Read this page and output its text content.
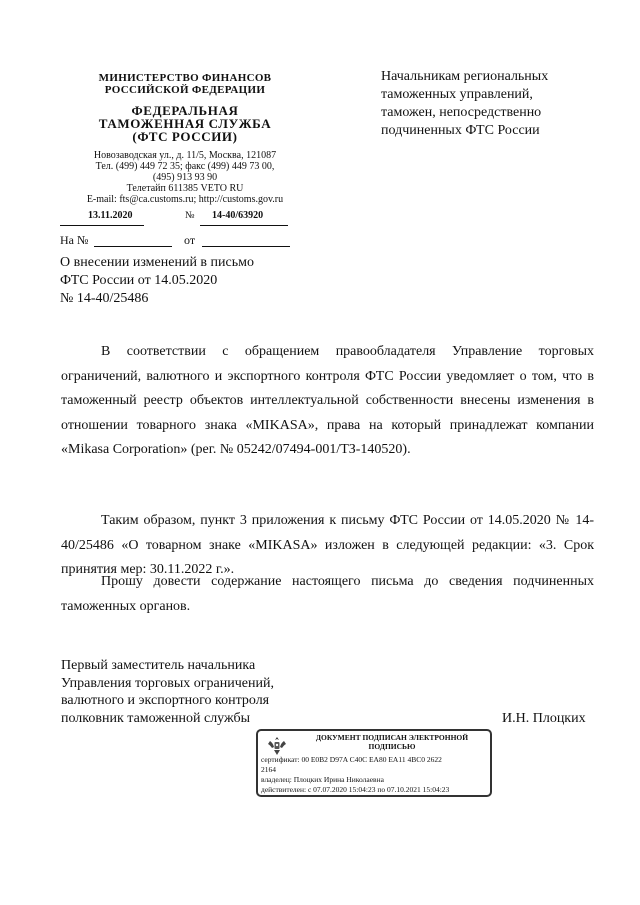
МИНИСТЕРСТВО ФИНАНСОВ
РОССИЙСКОЙ ФЕДЕРАЦИИ
ФЕДЕРАЛЬНАЯ
ТАМОЖЕННАЯ СЛУЖБА
(ФТС РОССИИ)
Новозаводская ул., д. 11/5, Москва, 121087
Тел. (499) 449 72 35; факс (499) 449 73 00,
(495) 913 93 90
Телетайп 611385 VETO RU
E-mail: fts@ca.customs.ru; http://customs.gov.ru
13.11.2020	№ 14-40/63920
На №	от
Начальникам региональных
таможенных управлений,
таможен, непосредственно
подчиненных ФТС России
О внесении изменений в письмо
ФТС России от 14.05.2020
№ 14-40/25486
В соответствии с обращением правообладателя Управление торговых ограничений, валютного и экспортного контроля ФТС России уведомляет о том, что в таможенный реестр объектов интеллектуальной собственности внесены изменения в отношении товарного знака «MIKASA», права на который принадлежат компании «Mikasa Corporation» (рег. № 05242/07494-001/ТЗ-140520).
Таким образом, пункт 3 приложения к письму ФТС России от 14.05.2020 № 14-40/25486 «О товарном знаке «MIKASA» изложен в следующей редакции: «3. Срок принятия мер: 30.11.2022 г.».
Прошу довести содержание настоящего письма до сведения подчиненных таможенных органов.
Первый заместитель начальника
Управления торговых ограничений,
валютного и экспортного контроля
полковник таможенной службы	И.Н. Плоцких
ДОКУМЕНТ ПОДПИСАН ЭЛЕКТРОННОЙ
ПОДПИСЬЮ
сертификат: 00 E0B2 D97A C40C EA80 EA11 4BC0 2622
2164
владелец: Плоцких Ирина Николаевна
действителен: с 07.07.2020 15:04:23 по 07.10.2021 15:04:23
